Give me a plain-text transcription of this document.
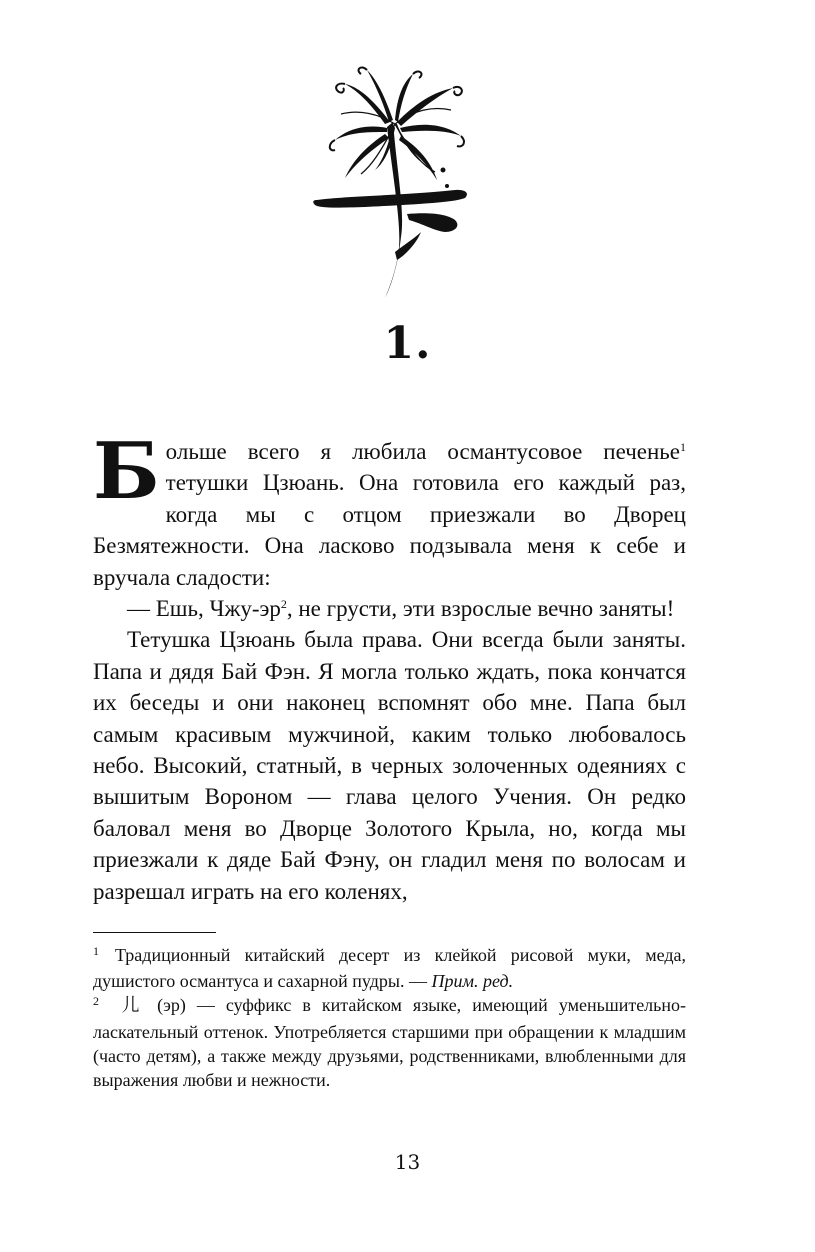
1.

Больше всего я любила османтусовое печенье$^1$ тетушки Цзюань. Она готовила его каждый раз, когда мы с отцом приезжали во Дворец Безмятежности. Она ласково подзывала меня к себе и вручала сладости:

— Ешь, Чжу-$эр^2$, не грусти, эти взрослые вечно заняты!

Тетушка Цзюань была права. Они всегда были заняты. Папа и дядя Бай Фэн. Я могла только ждать, пока кончатся их беседы и они наконец вспомнят обо мне. Папа был самым красивым мужчиной, каким только любовалось небо. Высокий, статный, в черных золоченных одеяниях с вышитым Вороном — глава целого Учения. Он редко баловал меня во Дворце Золотого Крыла, но, когда мы приезжали к дяде Бай Фэну, он гладил меня по волосам и разрешал играть на его коленях,

1 Традиционный китайский десерт из клейкой рисовой муки, меда, душистого османтуса и сахарной пудры. — Прим. ред.

2 儿 (эр) — суффикс в китайском языке, имеющий уменьшительно-ласкательный оттенок. Употребляется старшими при обращении к младшим (часто детям), а также между друзьями, родственниками, влюбленными для выражения любви и нежности.

13
